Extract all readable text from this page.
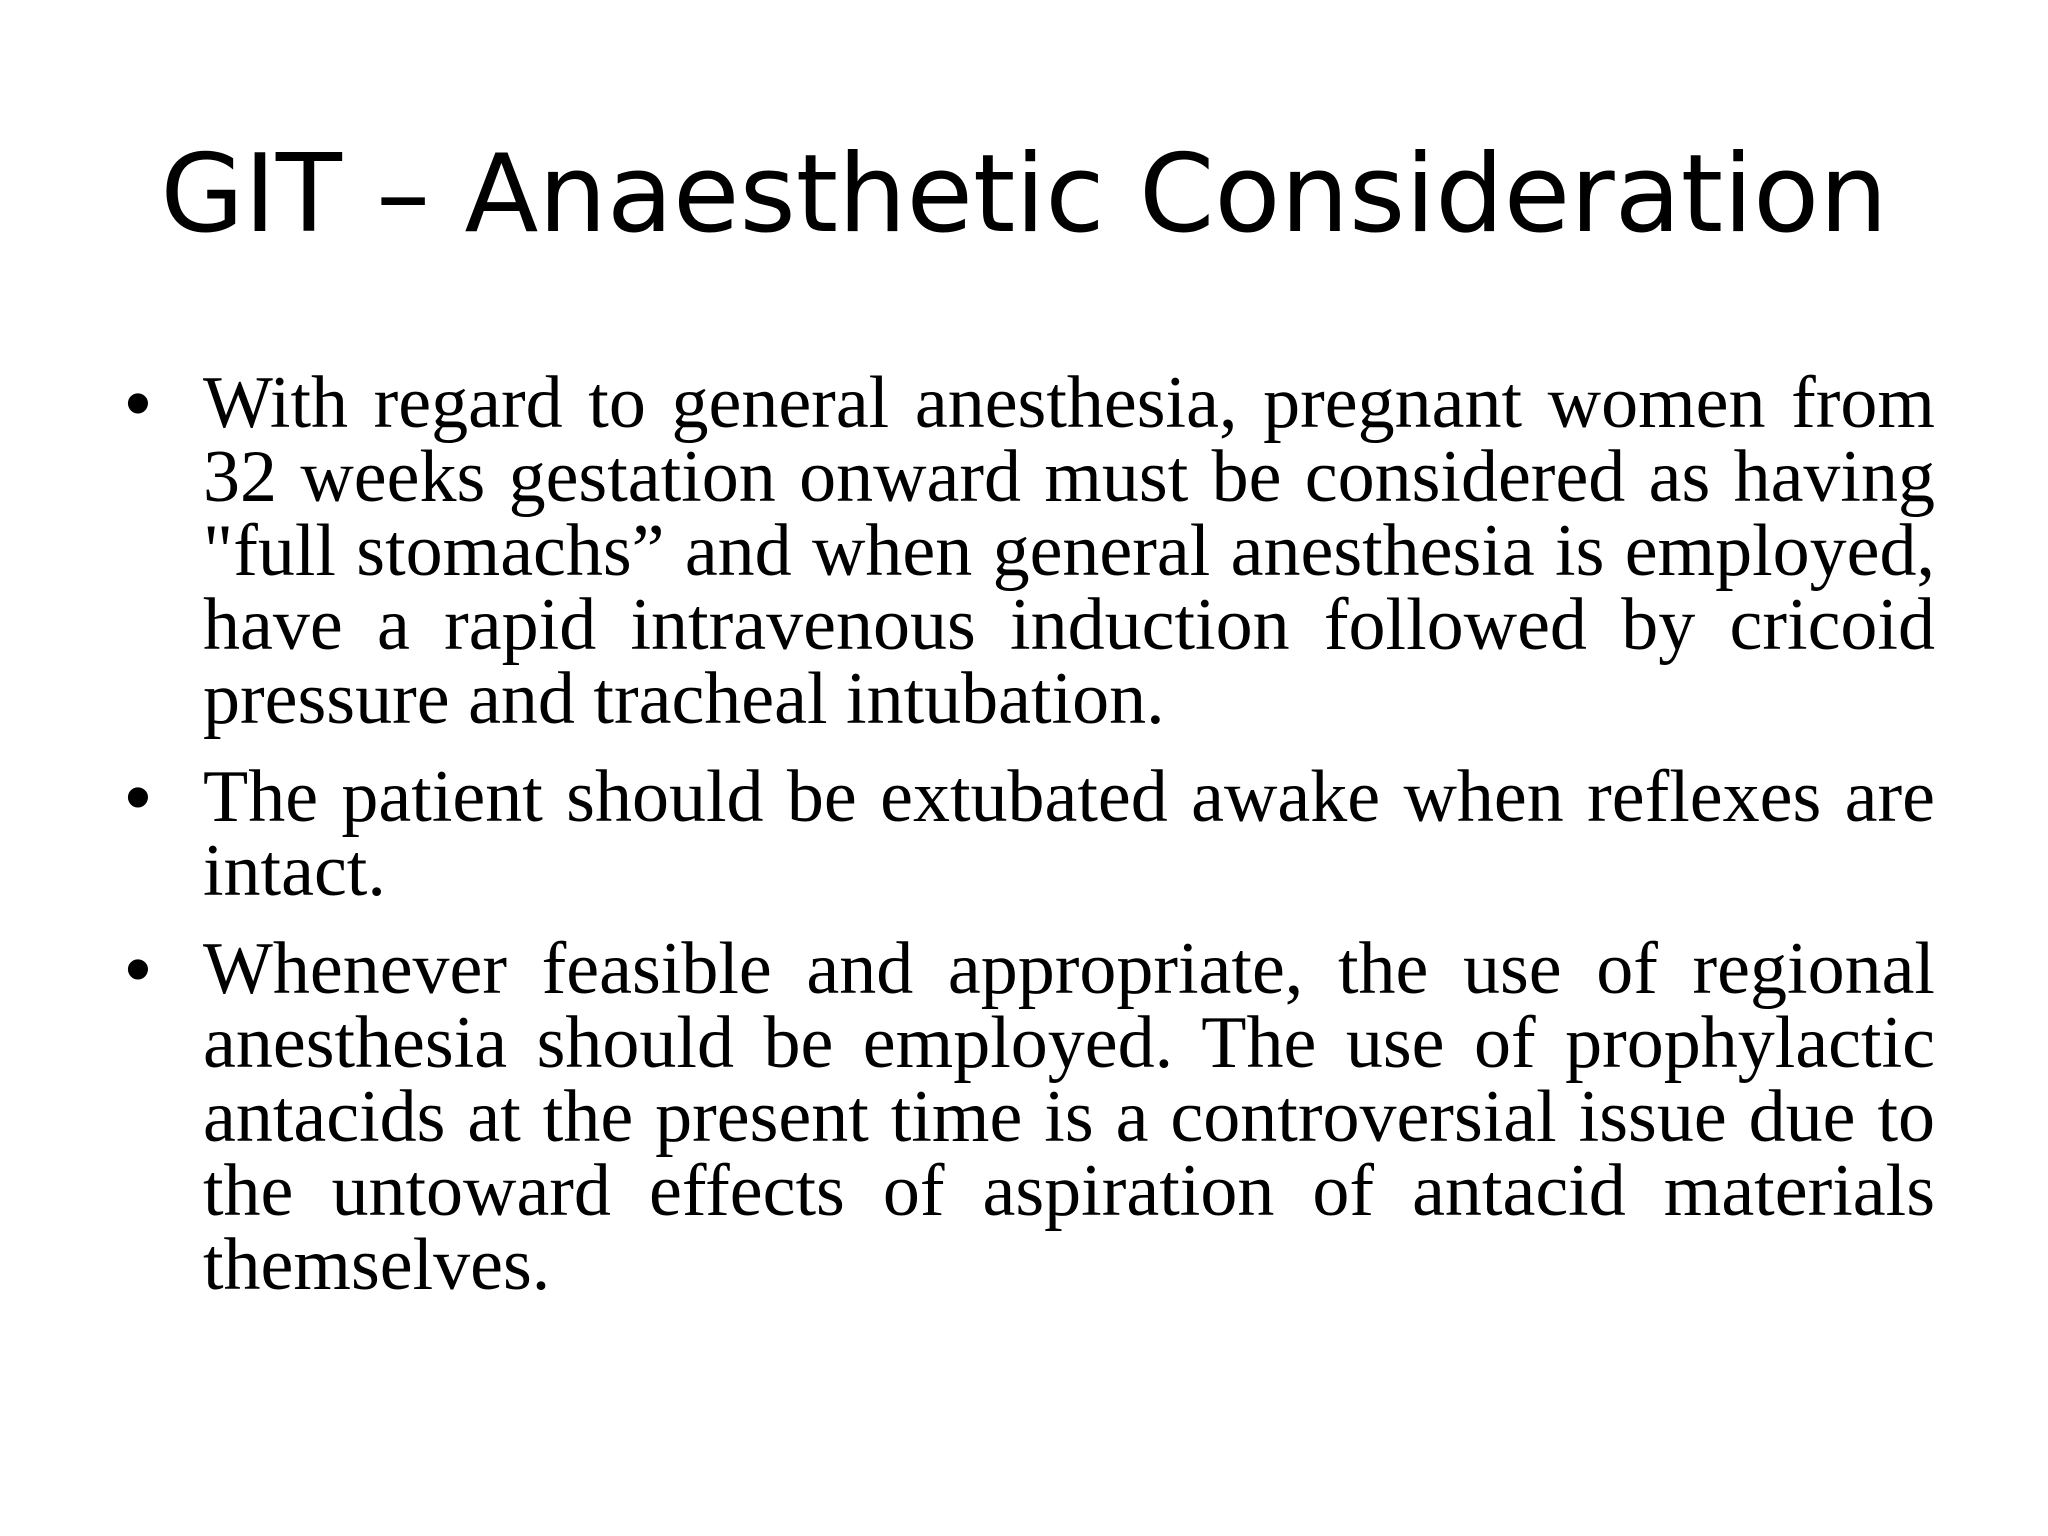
GIT – Anaesthetic Consideration
• With regard to general anesthesia, pregnant women from 32 weeks gestation onward must be considered as having "full stomachs” and when general anesthesia is employed, have a rapid intravenous induction followed by cricoid pressure and tracheal intubation.
• The patient should be extubated awake when reflexes are intact.
• Whenever feasible and appropriate, the use of regional anesthesia should be employed. The use of prophylactic antacids at the present time is a controversial issue due to the untoward effects of aspiration of antacid materials themselves.
